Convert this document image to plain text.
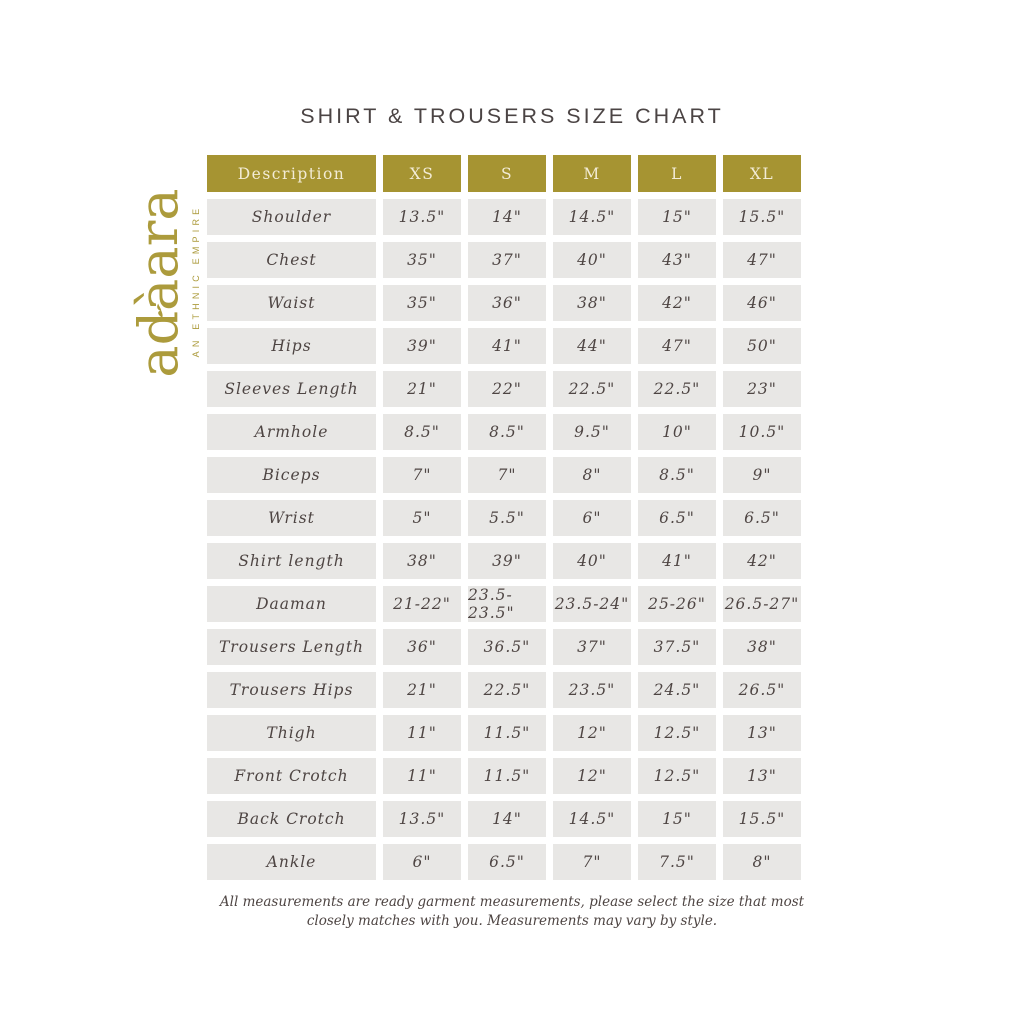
SHIRT & TROUSERS SIZE CHART
adàara AN ETHNIC EMPIRE
Description	XS	S	M	L	XL
Shoulder	13.5"	14"	14.5"	15"	15.5"
Chest	35"	37"	40"	43"	47"
Waist	35"	36"	38"	42"	46"
Hips	39"	41"	44"	47"	50"
Sleeves Length	21"	22"	22.5"	22.5"	23"
Armhole	8.5"	8.5"	9.5"	10"	10.5"
Biceps	7"	7"	8"	8.5"	9"
Wrist	5"	5.5"	6"	6.5"	6.5"
Shirt length	38"	39"	40"	41"	42"
Daaman	21-22"	23.5-23.5"	23.5-24"	25-26"	26.5-27"
Trousers Length	36"	36.5"	37"	37.5"	38"
Trousers Hips	21"	22.5"	23.5"	24.5"	26.5"
Thigh	11"	11.5"	12"	12.5"	13"
Front Crotch	11"	11.5"	12"	12.5"	13"
Back Crotch	13.5"	14"	14.5"	15"	15.5"
Ankle	6"	6.5"	7"	7.5"	8"
All measurements are ready garment measurements, please select the size that most
closely matches with you. Measurements may vary by style.
